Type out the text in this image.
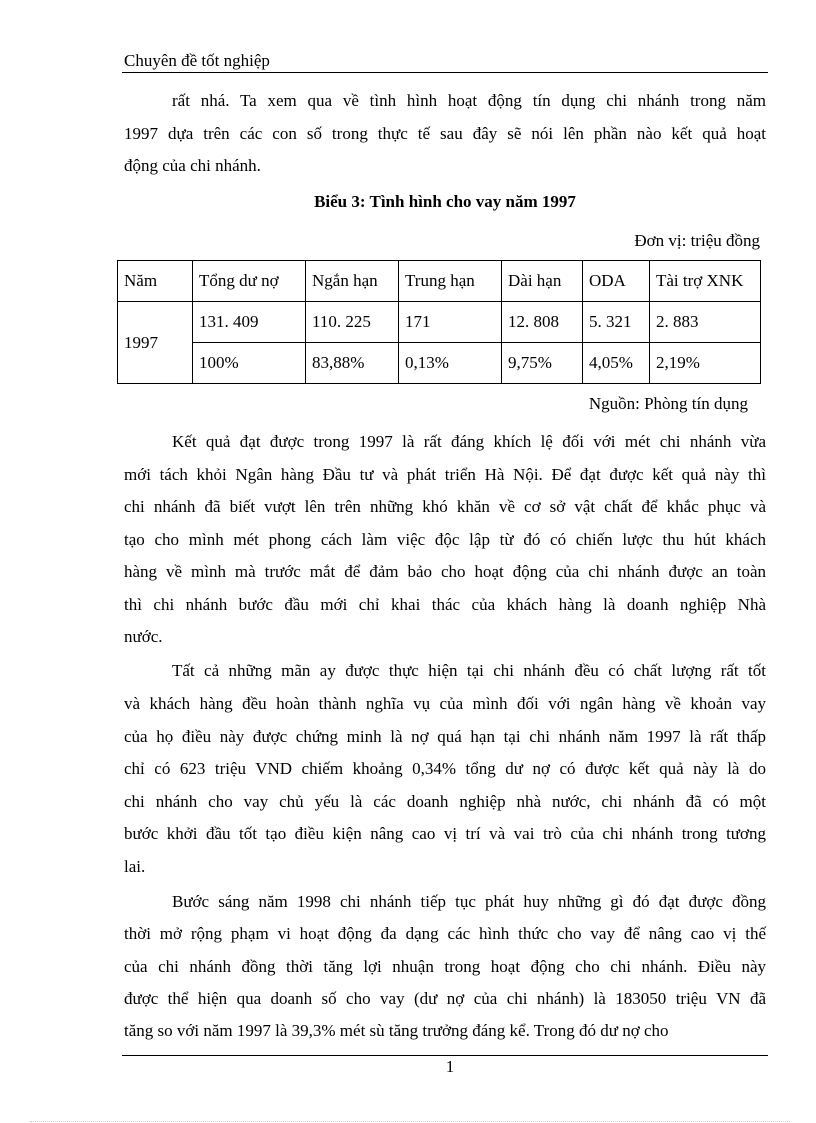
Chuyên đề tốt nghiệp
rất nhá. Ta xem qua về tình hình hoạt động tín dụng chi nhánh trong năm
1997 dựa trên các con số trong thực tế sau đây sẽ nói lên phần nào kết quả hoạt
động của chi nhánh.
Biểu 3: Tình hình cho vay năm 1997
Đơn vị: triệu đồng
Năm	Tổng dư nợ	Ngắn hạn	Trung hạn	Dài hạn	ODA	Tài trợ XNK
1997	131. 409	110. 225	171	12. 808	5. 321	2. 883
	100%	83,88%	0,13%	9,75%	4,05%	2,19%
Nguồn: Phòng tín dụng
Kết quả đạt được trong 1997 là rất đáng khích lệ đối với mét chi nhánh vừa
mới tách khỏi Ngân hàng Đầu tư và phát triển Hà Nội. Để đạt được kết quả này thì
chi nhánh đã biết vượt lên trên những khó khăn về cơ sở vật chất để khắc phục và
tạo cho mình mét phong cách làm việc độc lập từ đó có chiến lược thu hút khách
hàng về mình mà trước mắt để đảm bảo cho hoạt động của chi nhánh được an toàn
thì chi nhánh bước đầu mới chỉ khai thác của khách hàng là doanh nghiệp Nhà
nước.
Tất cả những mãn ay được thực hiện tại chi nhánh đều có chất lượng rất tốt
và khách hàng đều hoàn thành nghĩa vụ của mình đối với ngân hàng về khoản vay
của họ điều này được chứng minh là nợ quá hạn tại chi nhánh năm 1997 là rất thấp
chỉ có 623 triệu VND chiếm khoảng 0,34% tổng dư nợ có được kết quả này là do
chi nhánh cho vay chủ yếu là các doanh nghiệp nhà nước, chi nhánh đã có một
bước khởi đầu tốt tạo điều kiện nâng cao vị trí và vai trò của chi nhánh trong tương
lai.
Bước sáng năm 1998 chi nhánh tiếp tục phát huy những gì đó đạt được đồng
thời mở rộng phạm vi hoạt động đa dạng các hình thức cho vay để nâng cao vị thế
của chi nhánh đồng thời tăng lợi nhuận trong hoạt động cho chi nhánh. Điều này
được thể hiện qua doanh số cho vay (dư nợ của chi nhánh) là 183050 triệu VN đã
tăng so với năm 1997 là 39,3% mét sù tăng trưởng đáng kể. Trong đó dư nợ cho
1
